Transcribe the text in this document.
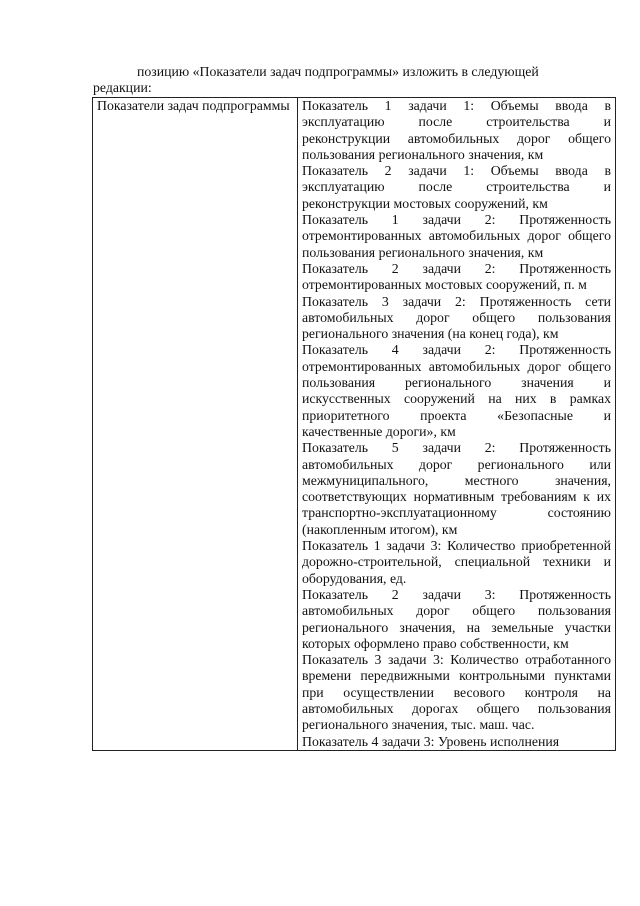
позицию «Показатели задач подпрограммы» изложить в следующей
редакции:
Показатели задач подпрограммы	Показатель 1 задачи 1: Объемы ввода в эксплуатацию после строительства и реконструкции автомобильных дорог общего пользования регионального значения, км
Показатель 2 задачи 1: Объемы ввода в эксплуатацию после строительства и реконструкции мостовых сооружений, км
Показатель 1 задачи 2: Протяженность отремонтированных автомобильных дорог общего пользования регионального значения, км
Показатель 2 задачи 2: Протяженность отремонтированных мостовых сооружений, п. м
Показатель 3 задачи 2: Протяженность сети автомобильных дорог общего пользования регионального значения (на конец года), км
Показатель 4 задачи 2: Протяженность отремонтированных автомобильных дорог общего пользования регионального значения и искусственных сооружений на них в рамках приоритетного проекта «Безопасные и качественные дороги», км
Показатель 5 задачи 2: Протяженность автомобильных дорог регионального или межмуниципального, местного значения, соответствующих нормативным требованиям к их транспортно-эксплуатационному состоянию (накопленным итогом), км
Показатель 1 задачи 3: Количество приобретенной дорожно-строительной, специальной техники и оборудования, ед.
Показатель 2 задачи 3: Протяженность автомобильных дорог общего пользования регионального значения, на земельные участки которых оформлено право собственности, км
Показатель 3 задачи 3: Количество отработанного времени передвижными контрольными пунктами при осуществлении весового контроля на автомобильных дорогах общего пользования регионального значения, тыс. маш. час.
Показатель 4 задачи 3: Уровень исполнения
